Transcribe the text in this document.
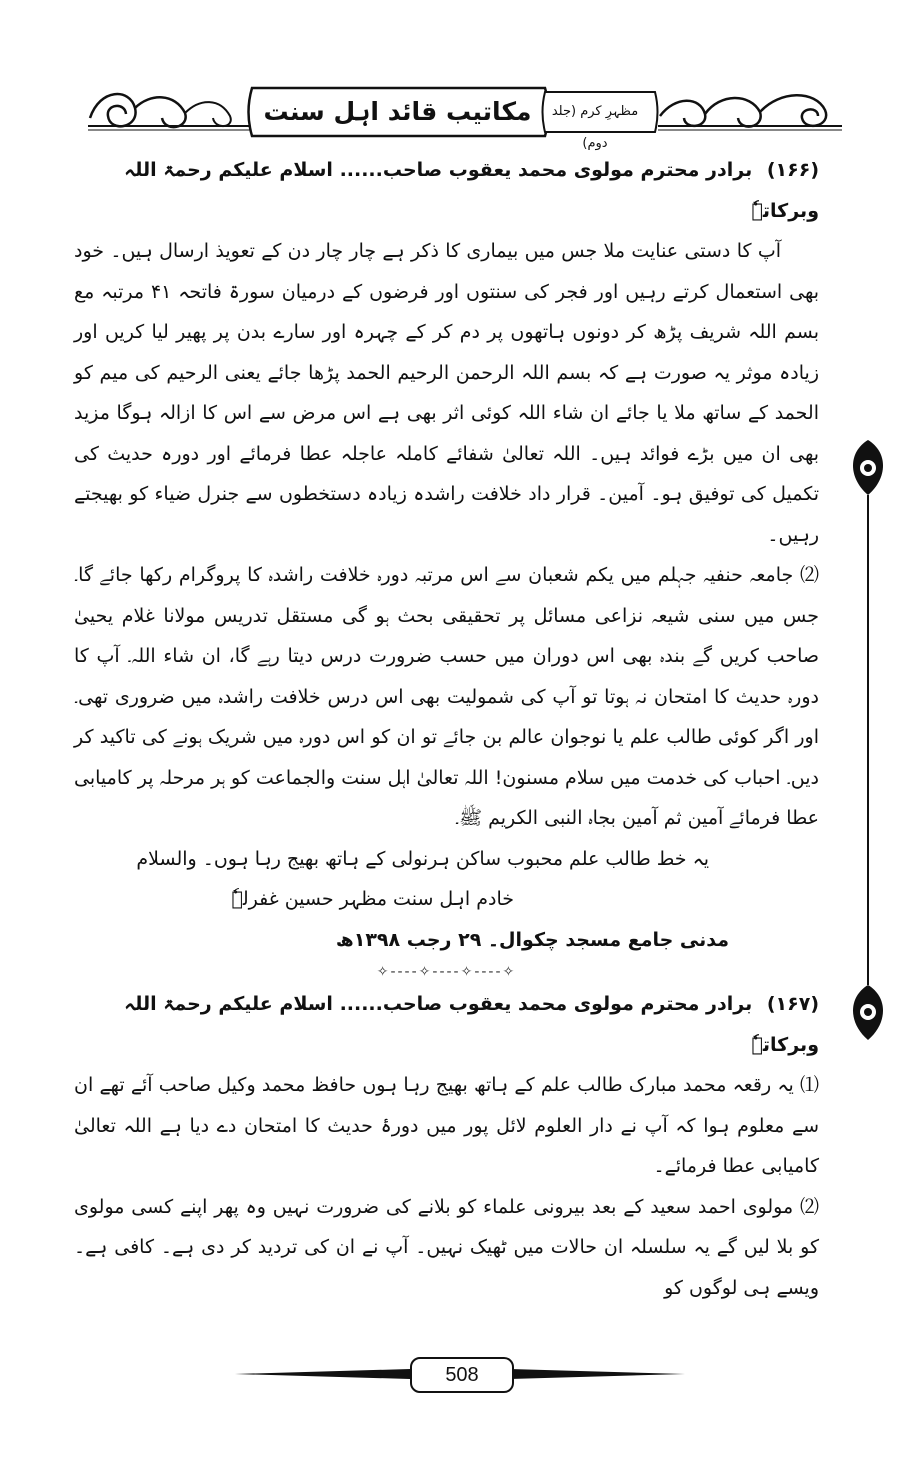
مکاتیب قائد اہل سنت	مظہرِ کرم (جلد دوم)

(۱۶۶) برادر محترم مولوی محمد یعقوب صاحب...... اسلام علیکم رحمۃ اللہ وبرکاتہٗ

آپ کا دستی عنایت ملا جس میں بیماری کا ذکر ہے چار چار دن کے تعویذ ارسال ہیں۔ خود بھی استعمال کرتے رہیں اور فجر کی سنتوں اور فرضوں کے درمیان سورۃ فاتحہ ۴۱ مرتبہ مع بسم اللہ شریف پڑھ کر دونوں ہاتھوں پر دم کر کے چہرہ اور سارے بدن پر پھیر لیا کریں اور زیادہ موثر یہ صورت ہے کہ بسم اللہ الرحمن الرحیم الحمد پڑھا جائے یعنی الرحیم کی میم کو الحمد کے ساتھ ملا یا جائے ان شاء اللہ کوئی اثر بھی ہے اس مرض سے اس کا ازالہ ہوگا مزید بھی ان میں بڑے فوائد ہیں۔ اللہ تعالیٰ شفائے کاملہ عاجلہ عطا فرمائے اور دورہ حدیث کی تکمیل کی توفیق ہو۔ آمین۔ قرار داد خلافت راشدہ زیادہ دستخطوں سے جنرل ضیاء کو بھیجتے رہیں۔

⑵ جامعہ حنفیہ جہلم میں یکم شعبان سے اس مرتبہ دورہ خلافت راشدہ کا پروگرام رکھا جائے گا۔ جس میں سنی شیعہ نزاعی مسائل پر تحقیقی بحث ہو گی مستقل تدریس مولانا غلام یحییٰ صاحب کریں گے بندہ بھی اس دوران میں حسب ضرورت درس دیتا رہے گا، ان شاء اللہ۔ آپ کا دورہ حدیث کا امتحان نہ ہوتا تو آپ کی شمولیت بھی اس درس خلافت راشدہ میں ضروری تھی۔ اور اگر کوئی طالب علم یا نوجوان عالم بن جائے تو ان کو اس دورہ میں شریک ہونے کی تاکید کر دیں۔ احباب کی خدمت میں سلام مسنون! اللہ تعالیٰ اہل سنت والجماعت کو ہر مرحلہ پر کامیابی عطا فرمائے آمین ثم آمین بجاہ النبی الکریم ﷺ۔

یہ خط طالب علم محبوب ساکن ہرنولی کے ہاتھ بھیج رہا ہوں۔ والسلام

خادم اہل سنت مظہر حسین غفرلہٗ

مدنی جامع مسجد چکوال۔ ۲۹ رجب ۱۳۹۸ھ

✧----✧----✧----✧

(۱۶۷) برادر محترم مولوی محمد یعقوب صاحب...... اسلام علیکم رحمۃ اللہ وبرکاتہٗ

⑴ یہ رقعہ محمد مبارک طالب علم کے ہاتھ بھیج رہا ہوں حافظ محمد وکیل صاحب آئے تھے ان سے معلوم ہوا کہ آپ نے دار العلوم لائل پور میں دورۂ حدیث کا امتحان دے دیا ہے اللہ تعالیٰ کامیابی عطا فرمائے۔

⑵ مولوی احمد سعید کے بعد بیرونی علماء کو بلانے کی ضرورت نہیں وہ پھر اپنے کسی مولوی کو بلا لیں گے یہ سلسلہ ان حالات میں ٹھیک نہیں۔ آپ نے ان کی تردید کر دی ہے۔ کافی ہے۔ ویسے ہی لوگوں کو

508
